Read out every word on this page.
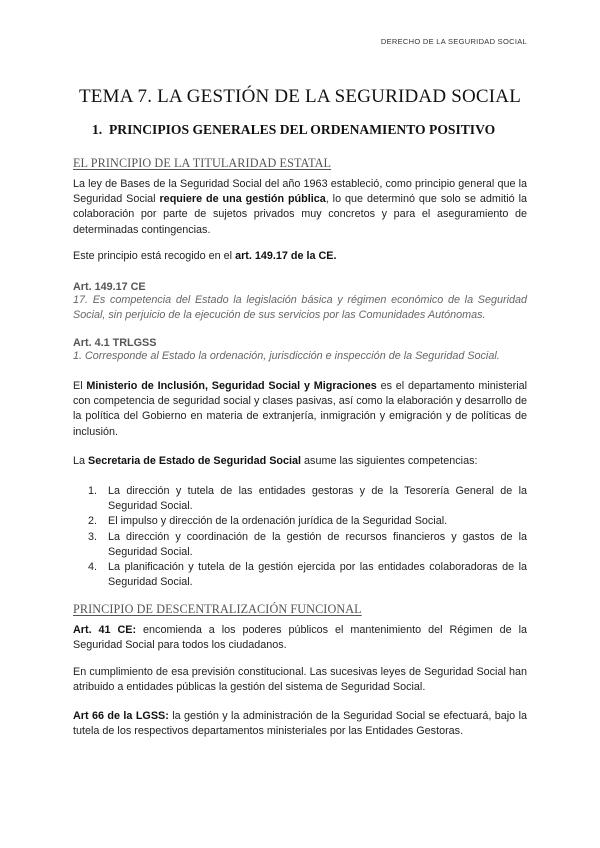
DERECHO DE LA SEGURIDAD SOCIAL
TEMA 7. LA GESTIÓN DE LA SEGURIDAD SOCIAL
1. PRINCIPIOS GENERALES DEL ORDENAMIENTO POSITIVO
EL PRINCIPIO DE LA TITULARIDAD ESTATAL
La ley de Bases de la Seguridad Social del año 1963 estableció, como principio general que la Seguridad Social requiere de una gestión pública, lo que determinó que solo se admitió la colaboración por parte de sujetos privados muy concretos y para el aseguramiento de determinadas contingencias.
Este principio está recogido en el art. 149.17 de la CE.
Art. 149.17 CE
17. Es competencia del Estado la legislación básica y régimen económico de la Seguridad Social, sin perjuicio de la ejecución de sus servicios por las Comunidades Autónomas.
Art. 4.1 TRLGSS
1. Corresponde al Estado la ordenación, jurisdicción e inspección de la Seguridad Social.
El Ministerio de Inclusión, Seguridad Social y Migraciones es el departamento ministerial con competencia de seguridad social y clases pasivas, así como la elaboración y desarrollo de la política del Gobierno en materia de extranjería, inmigración y emigración y de políticas de inclusión.
La Secretaria de Estado de Seguridad Social asume las siguientes competencias:
1. La dirección y tutela de las entidades gestoras y de la Tesorería General de la Seguridad Social.
2. El impulso y dirección de la ordenación jurídica de la Seguridad Social.
3. La dirección y coordinación de la gestión de recursos financieros y gastos de la Seguridad Social.
4. La planificación y tutela de la gestión ejercida por las entidades colaboradoras de la Seguridad Social.
PRINCIPIO DE DESCENTRALIZACIÓN FUNCIONAL
Art. 41 CE: encomienda a los poderes públicos el mantenimiento del Régimen de la Seguridad Social para todos los ciudadanos.
En cumplimiento de esa previsión constitucional. Las sucesivas leyes de Seguridad Social han atribuido a entidades públicas la gestión del sistema de Seguridad Social.
Art 66 de la LGSS: la gestión y la administración de la Seguridad Social se efectuará, bajo la tutela de los respectivos departamentos ministeriales por las Entidades Gestoras.
